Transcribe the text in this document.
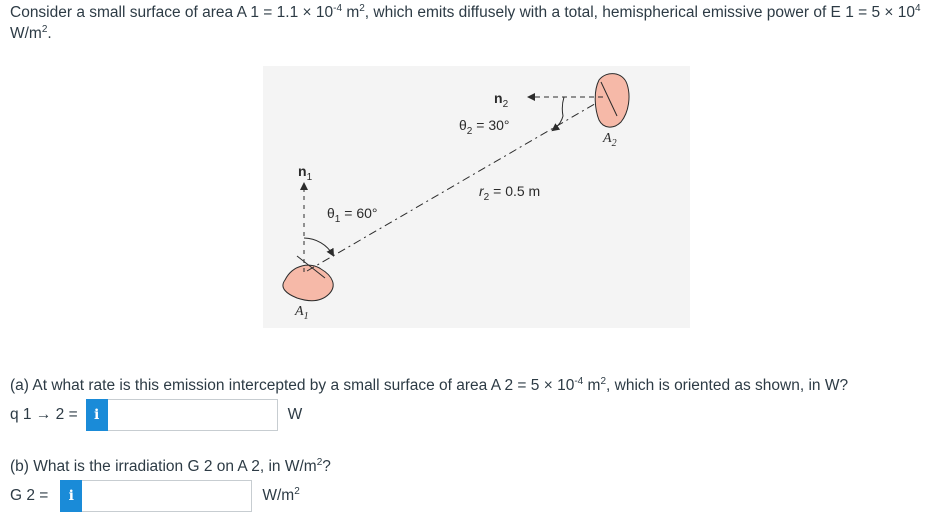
Consider a small surface of area A $1 = 1.1 \times 10^{-4}$ $m^2$, which emits diffusely with a total, hemispherical emissive power of E $1 = 5 \times 10^4$ $W/m^2$.
$n_1$
$\theta_1 = 60^\circ$
$A_1$
$n_2$
$\theta_2 = 30^\circ$
$r_2 = 0.5$ m
$A_2$
(a) At what rate is this emission intercepted by a small surface of area A $2 = 5 \times 10^{-4}$ $m^2$, which is oriented as shown, in W?
q 1 → 2 =	i	W
(b) What is the irradiation G 2 on A 2, in $W/m^2$?
G 2 =	i	$W/m^2$
